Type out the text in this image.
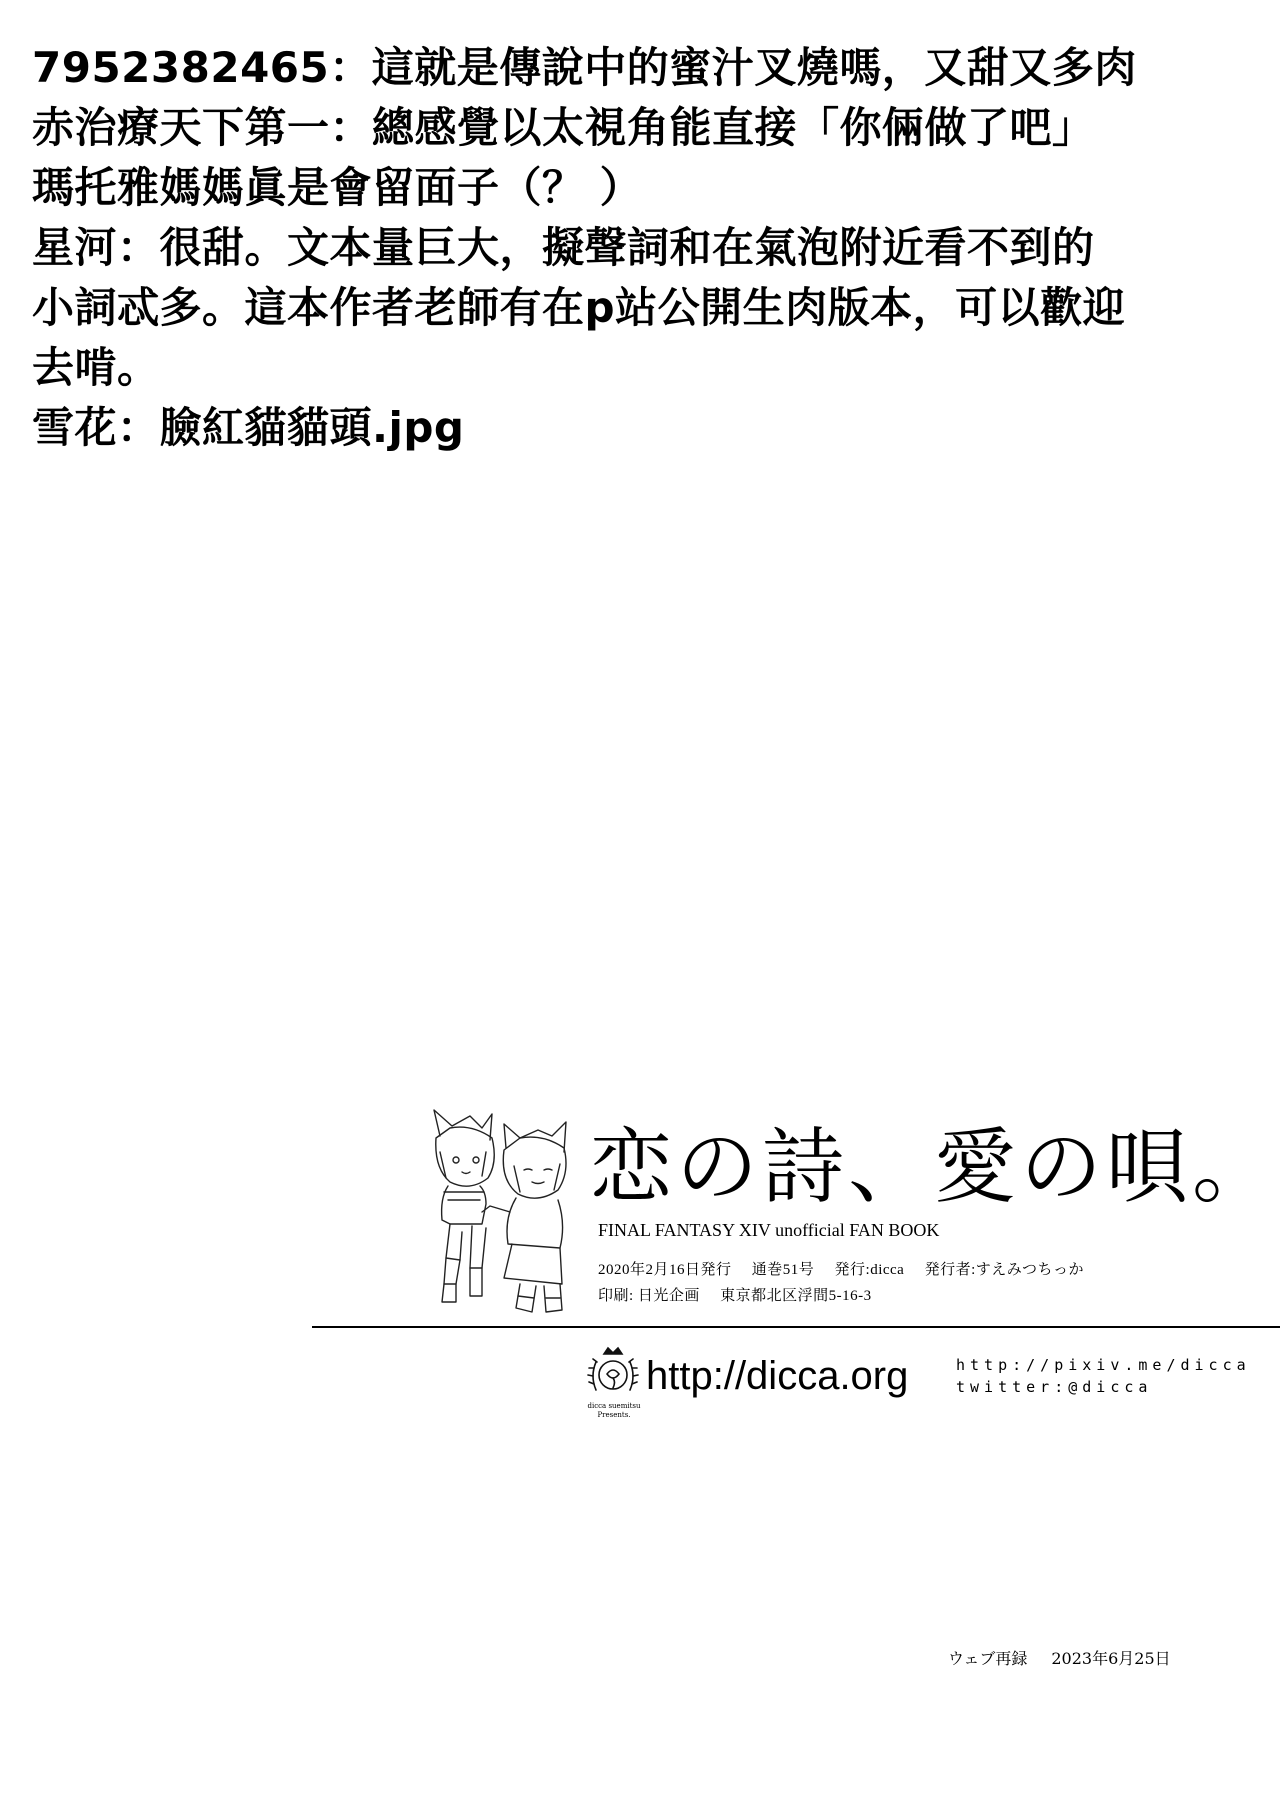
7952382465：這就是傳說中的蜜汁叉燒嗎，又甜又多肉
赤治療天下第一：總感覺以太視角能直接「你倆做了吧」
瑪托雅媽媽眞是會留面子（？ ）
星河：很甜。文本量巨大，擬聲詞和在氣泡附近看不到的
小詞忒多。這本作者老師有在p站公開生肉版本，可以歡迎
去啃。
雪花：臉紅貓貓頭.jpg
恋の詩、愛の唄。
FINAL FANTASY XIV unofficial FAN BOOK
2020年2月16日発行 通巻51号 発行:dicca 発行者:すえみつちっか
印刷: 日光企画 東京都北区浮間5-16-3
dicca suemitsu
Presents.
http://dicca.org	http://pixiv.me/dicca
twitter:@dicca
ウェブ再録 2023年6月25日
